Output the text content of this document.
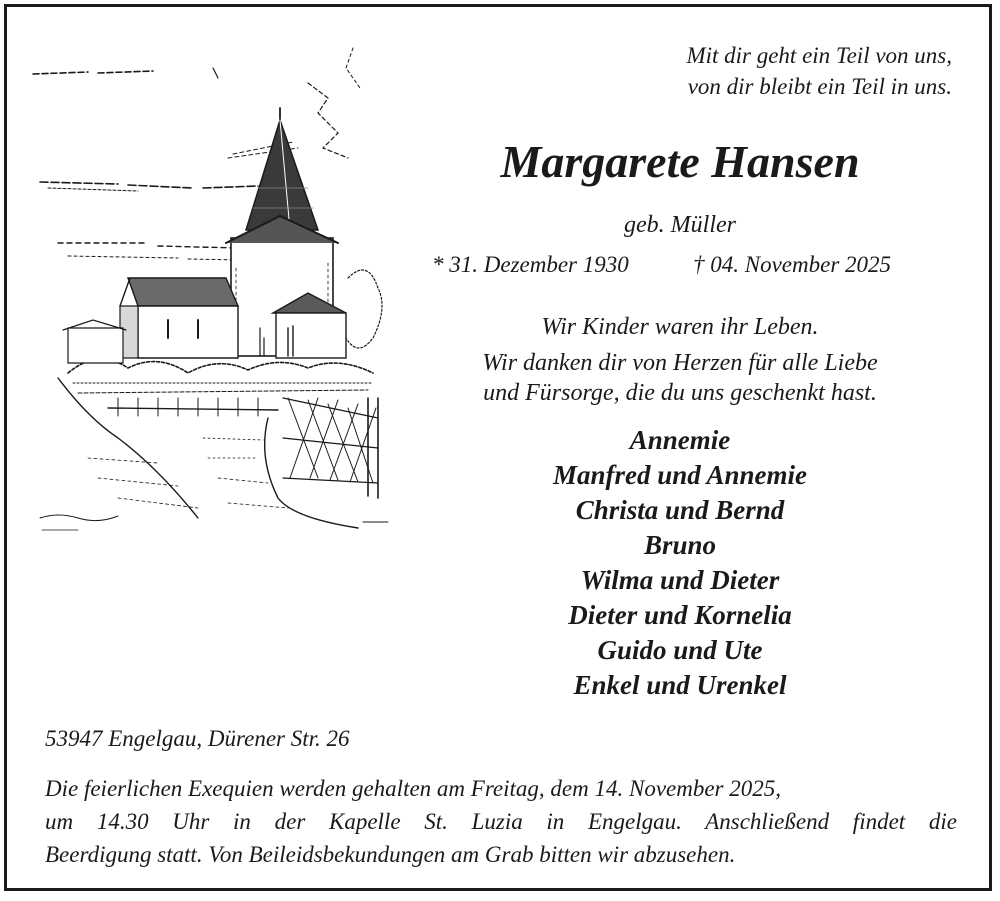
Mit dir geht ein Teil von uns,
von dir bleibt ein Teil in uns.
Margarete Hansen
geb. Müller
* 31. Dezember 1930	† 04. November 2025
Wir Kinder waren ihr Leben.
Wir danken dir von Herzen für alle Liebe
und Fürsorge, die du uns geschenkt hast.
Annemie
Manfred und Annemie
Christa und Bernd
Bruno
Wilma und Dieter
Dieter und Kornelia
Guido und Ute
Enkel und Urenkel
53947 Engelgau, Dürener Str. 26
Die feierlichen Exequien werden gehalten am Freitag, dem 14. November 2025,
um 14.30 Uhr in der Kapelle St. Luzia in Engelgau. Anschließend findet die
Beerdigung statt. Von Beileidsbekundungen am Grab bitten wir abzusehen.
